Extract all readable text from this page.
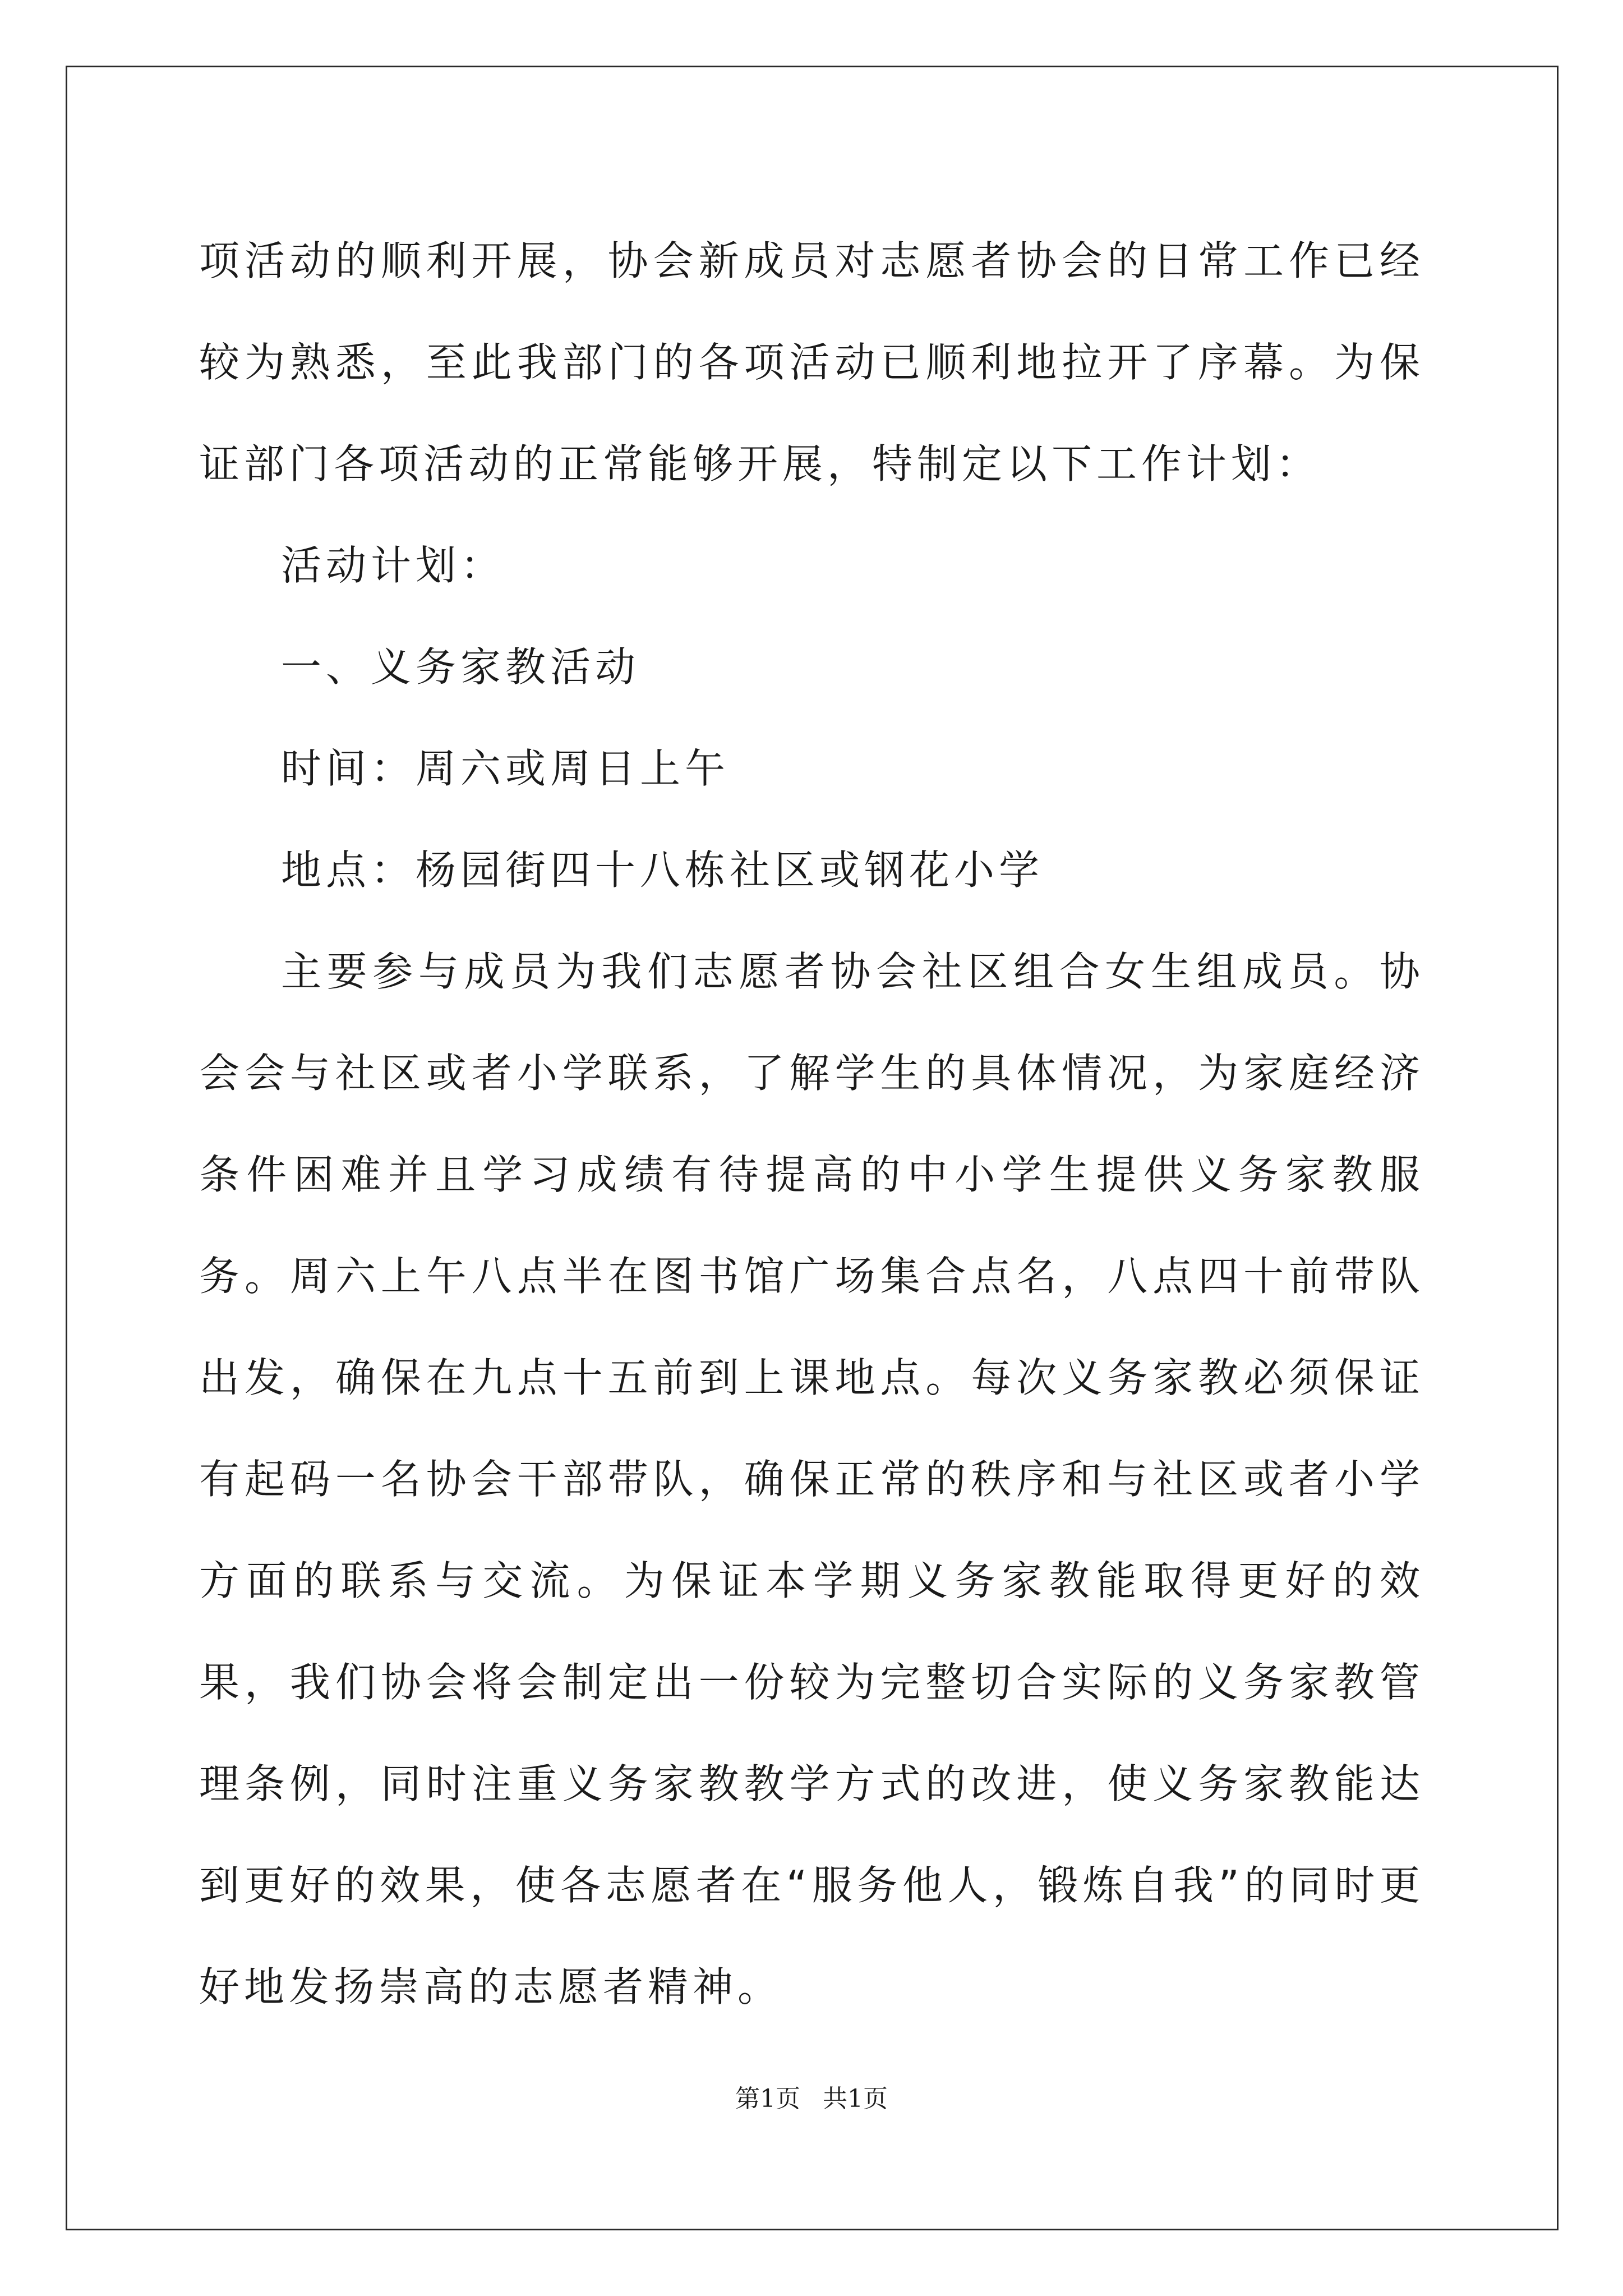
项活动的顺利开展，协会新成员对志愿者协会的日常工作已经较为熟悉，至此我部门的各项活动已顺利地拉开了序幕。为保证部门各项活动的正常能够开展，特制定以下工作计划：

活动计划：

一、义务家教活动

时间：周六或周日上午

地点：杨园街四十八栋社区或钢花小学

主要参与成员为我们志愿者协会社区组合女生组成员。协会会与社区或者小学联系，了解学生的具体情况，为家庭经济条件困难并且学习成绩有待提高的中小学生提供义务家教服务。周六上午八点半在图书馆广场集合点名，八点四十前带队出发，确保在九点十五前到上课地点。每次义务家教必须保证有起码一名协会干部带队，确保正常的秩序和与社区或者小学方面的联系与交流。为保证本学期义务家教能取得更好的效果，我们协会将会制定出一份较为完整切合实际的义务家教管理条例，同时注重义务家教教学方式的改进，使义务家教能达到更好的效果，使各志愿者在“服务他人，锻炼自我”的同时更好地发扬崇高的志愿者精神。

第1页 共1页
